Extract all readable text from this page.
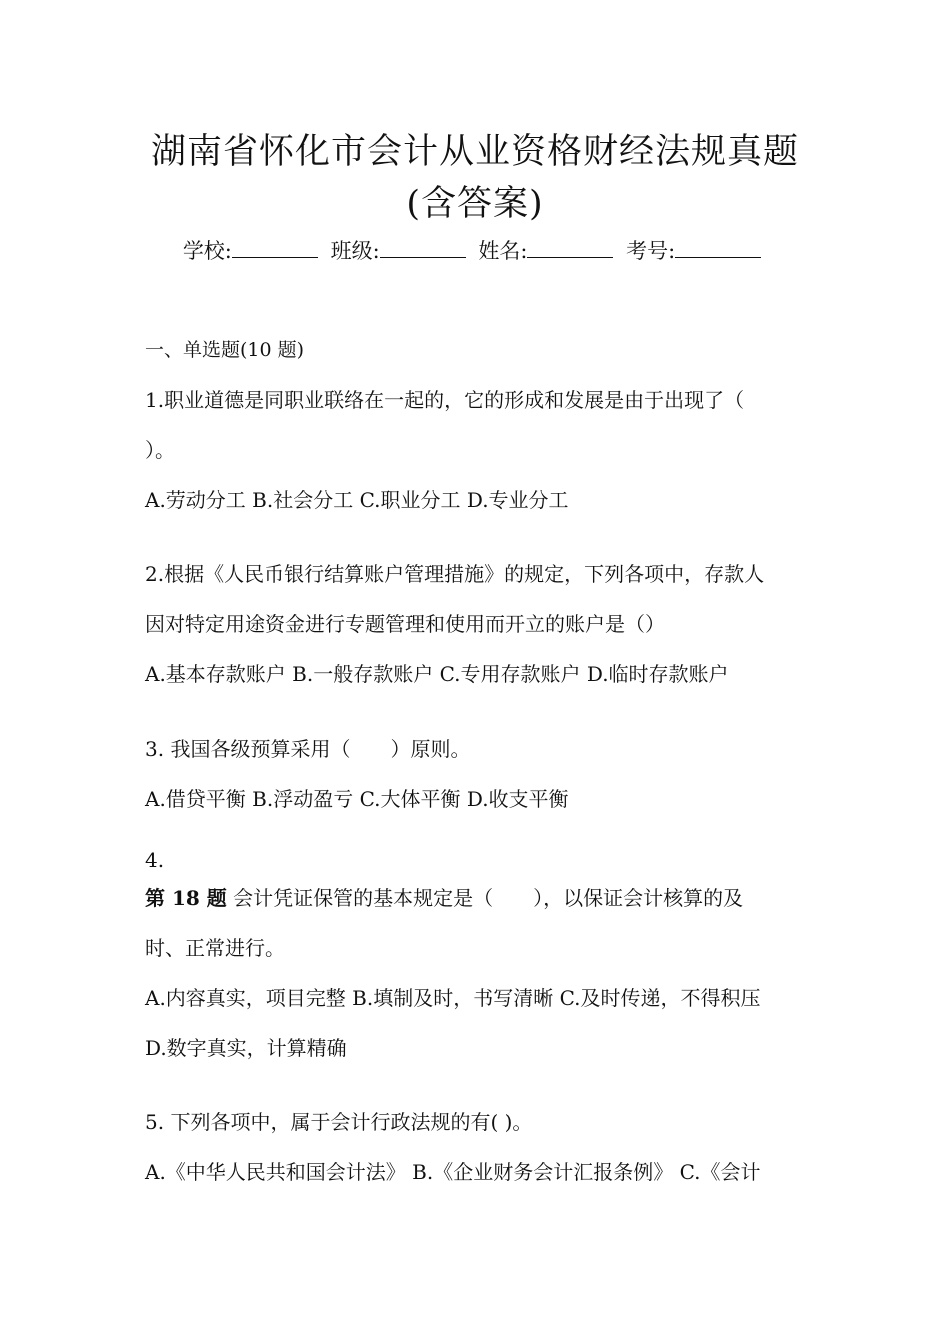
湖南省怀化市会计从业资格财经法规真题
(含答案)
学校:	班级:	姓名:	考号:
一、单选题(10 题)
1.职业道德是同职业联络在一起的，它的形成和发展是由于出现了（
）。
A.劳动分工 B.社会分工 C.职业分工 D.专业分工
2.根据《人民币银行结算账户管理措施》的规定，下列各项中，存款人
因对特定用途资金进行专题管理和使用而开立的账户是（）
A.基本存款账户 B.一般存款账户 C.专用存款账户 D.临时存款账户
3. 我国各级预算采用（　　）原则。
A.借贷平衡 B.浮动盈亏 C.大体平衡 D.收支平衡
4.
第 18 题 会计凭证保管的基本规定是（　　），以保证会计核算的及
时、正常进行。
A.内容真实，项目完整 B.填制及时，书写清晰 C.及时传递，不得积压
D.数字真实，计算精确
5. 下列各项中，属于会计行政法规的有( )。
A.《中华人民共和国会计法》 B.《企业财务会计汇报条例》 C.《会计
